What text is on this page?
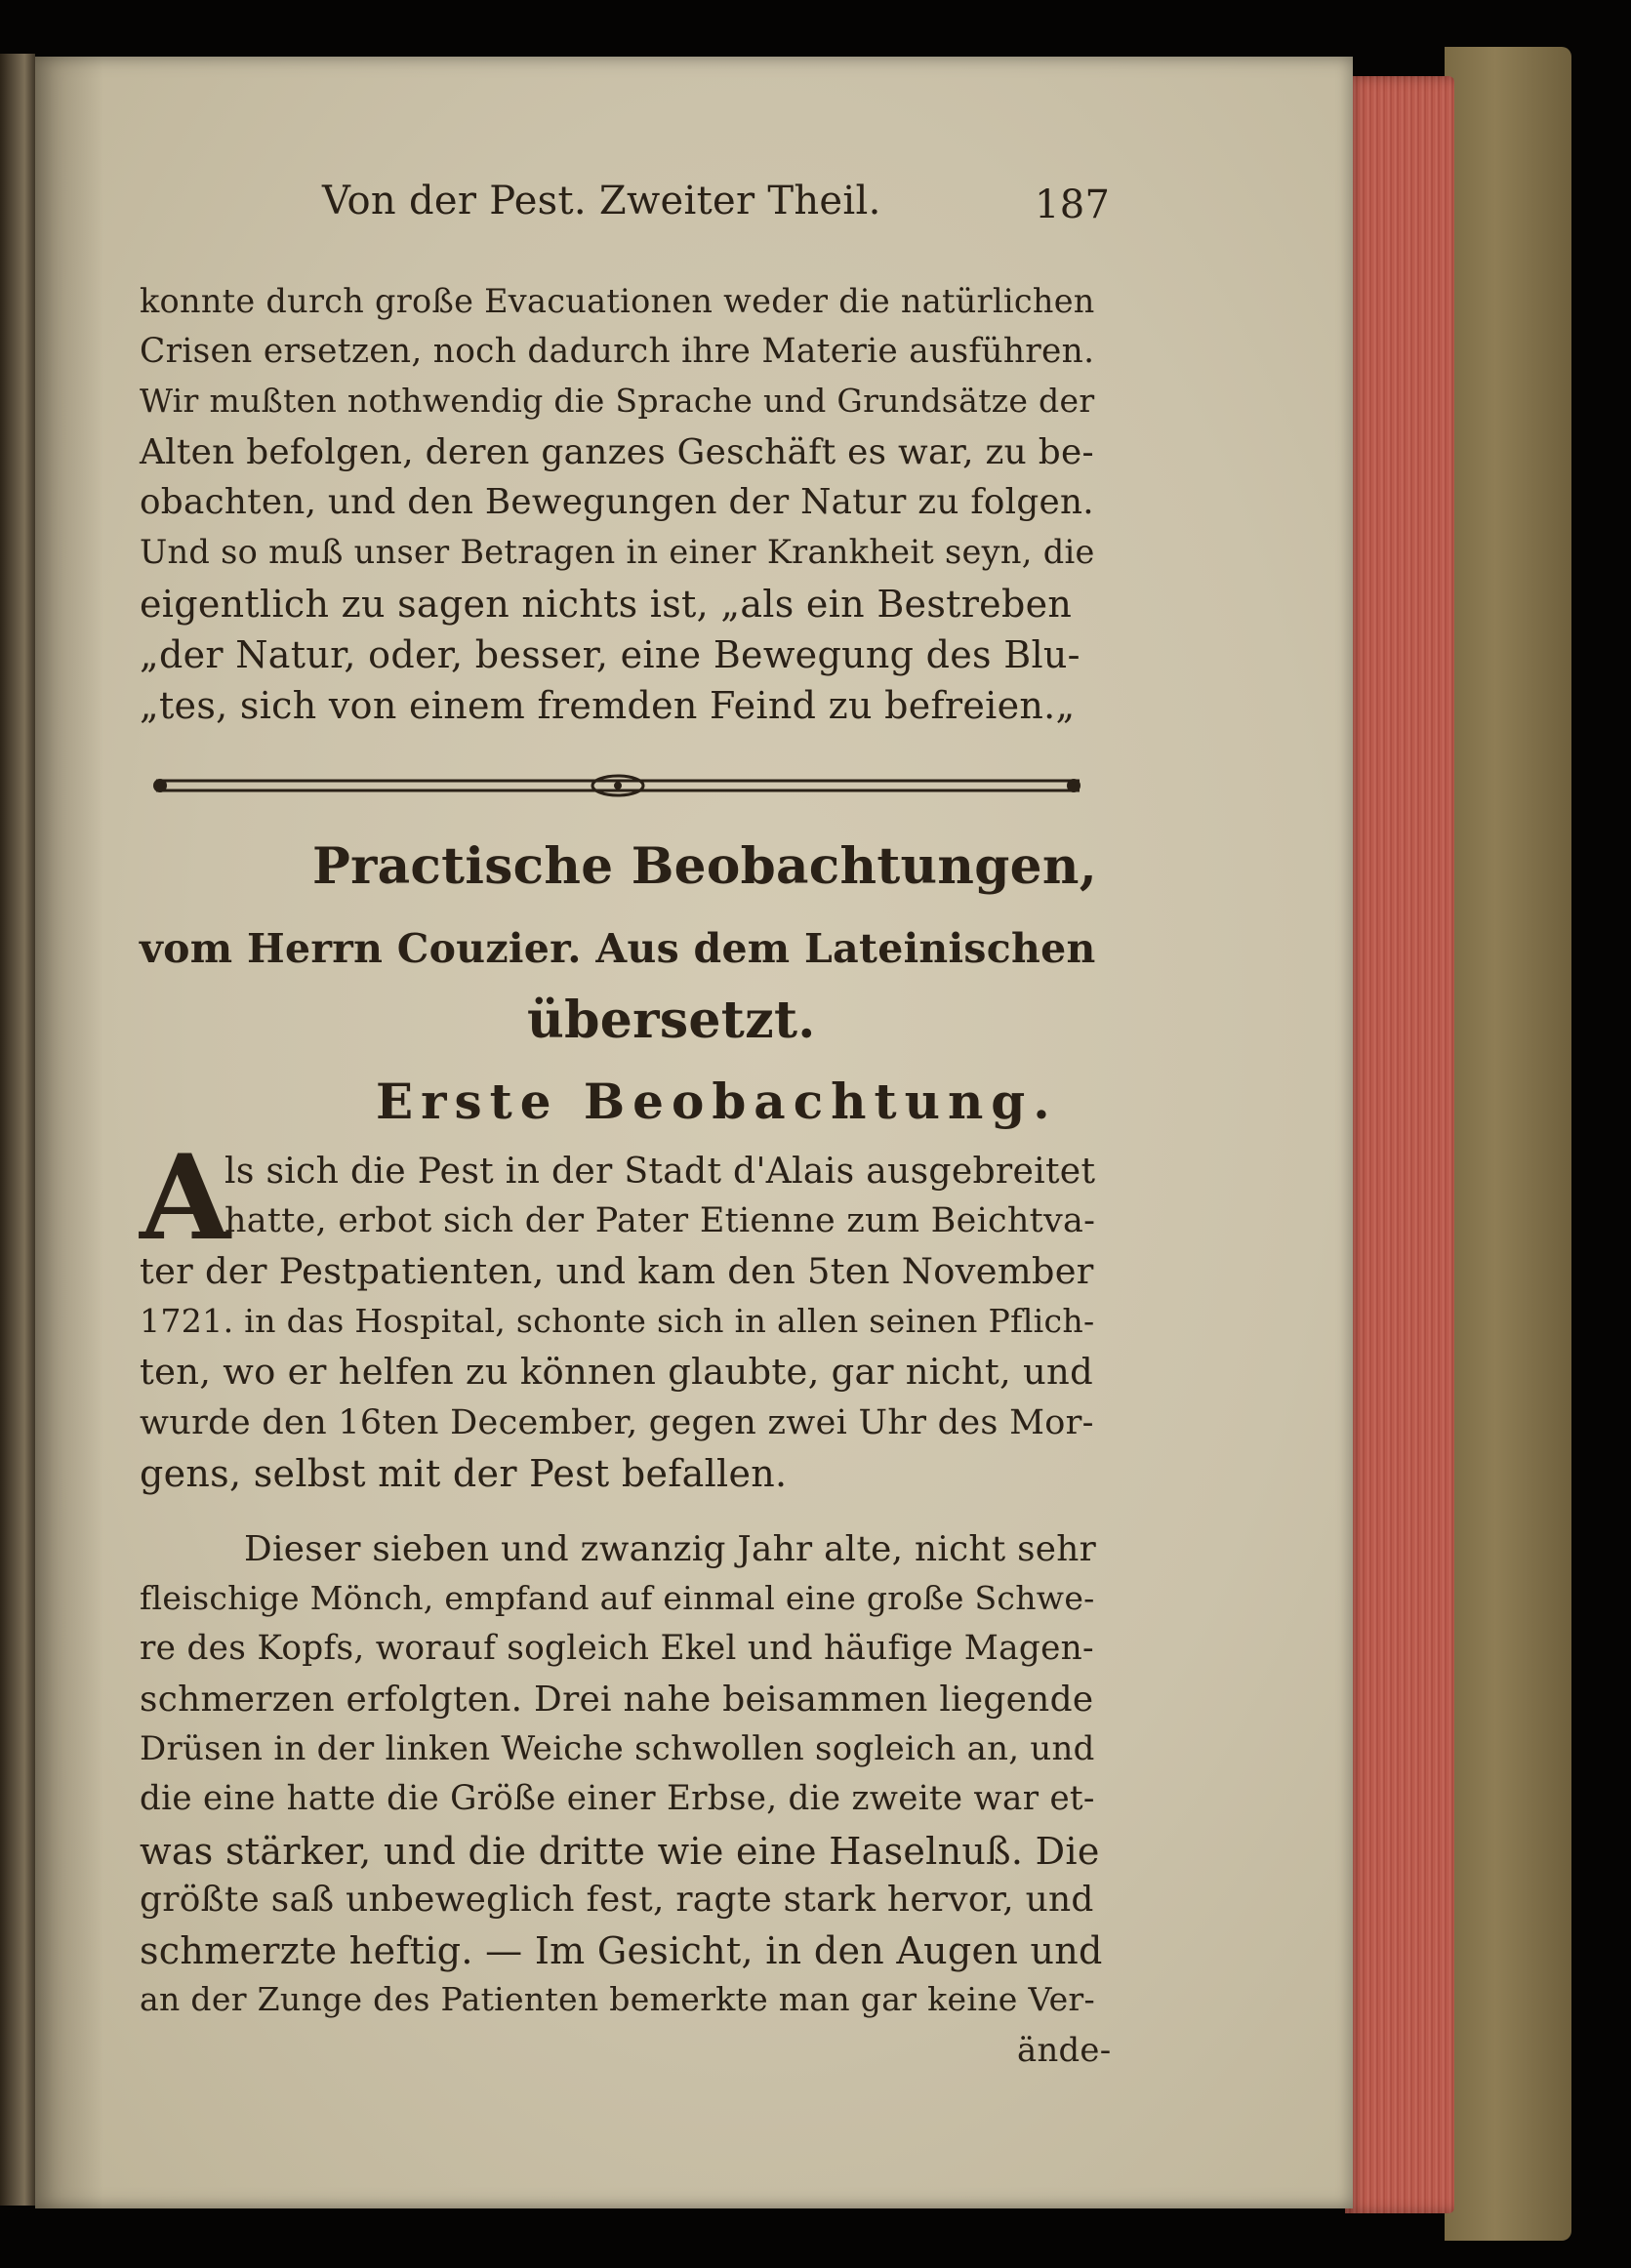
Von der Pest. Zweiter Theil.	187
konnte durch große Evacuationen weder die natürlichen
Crisen ersetzen, noch dadurch ihre Materie ausführen.
Wir mußten nothwendig die Sprache und Grundsätze der
Alten befolgen, deren ganzes Geschäft es war, zu be-
obachten, und den Bewegungen der Natur zu folgen.
Und so muß unser Betragen in einer Krankheit seyn, die
eigentlich zu sagen nichts ist, „als ein Bestreben
„der Natur, oder, besser, eine Bewegung des Blu-
„tes, sich von einem fremden Feind zu befreien.„
Practische Beobachtungen,
vom Herrn Couzier. Aus dem Lateinischen
übersetzt.
Erste Beobachtung.
A
ls sich die Pest in der Stadt d'Alais ausgebreitet
hatte, erbot sich der Pater Etienne zum Beichtva-
ter der Pestpatienten, und kam den 5ten November
1721. in das Hospital, schonte sich in allen seinen Pflich-
ten, wo er helfen zu können glaubte, gar nicht, und
wurde den 16ten December, gegen zwei Uhr des Mor-
gens, selbst mit der Pest befallen.
Dieser sieben und zwanzig Jahr alte, nicht sehr
fleischige Mönch, empfand auf einmal eine große Schwe-
re des Kopfs, worauf sogleich Ekel und häufige Magen-
schmerzen erfolgten. Drei nahe beisammen liegende
Drüsen in der linken Weiche schwollen sogleich an, und
die eine hatte die Größe einer Erbse, die zweite war et-
was stärker, und die dritte wie eine Haselnuß. Die
größte saß unbeweglich fest, ragte stark hervor, und
schmerzte heftig. — Im Gesicht, in den Augen und
an der Zunge des Patienten bemerkte man gar keine Ver-
ände-
